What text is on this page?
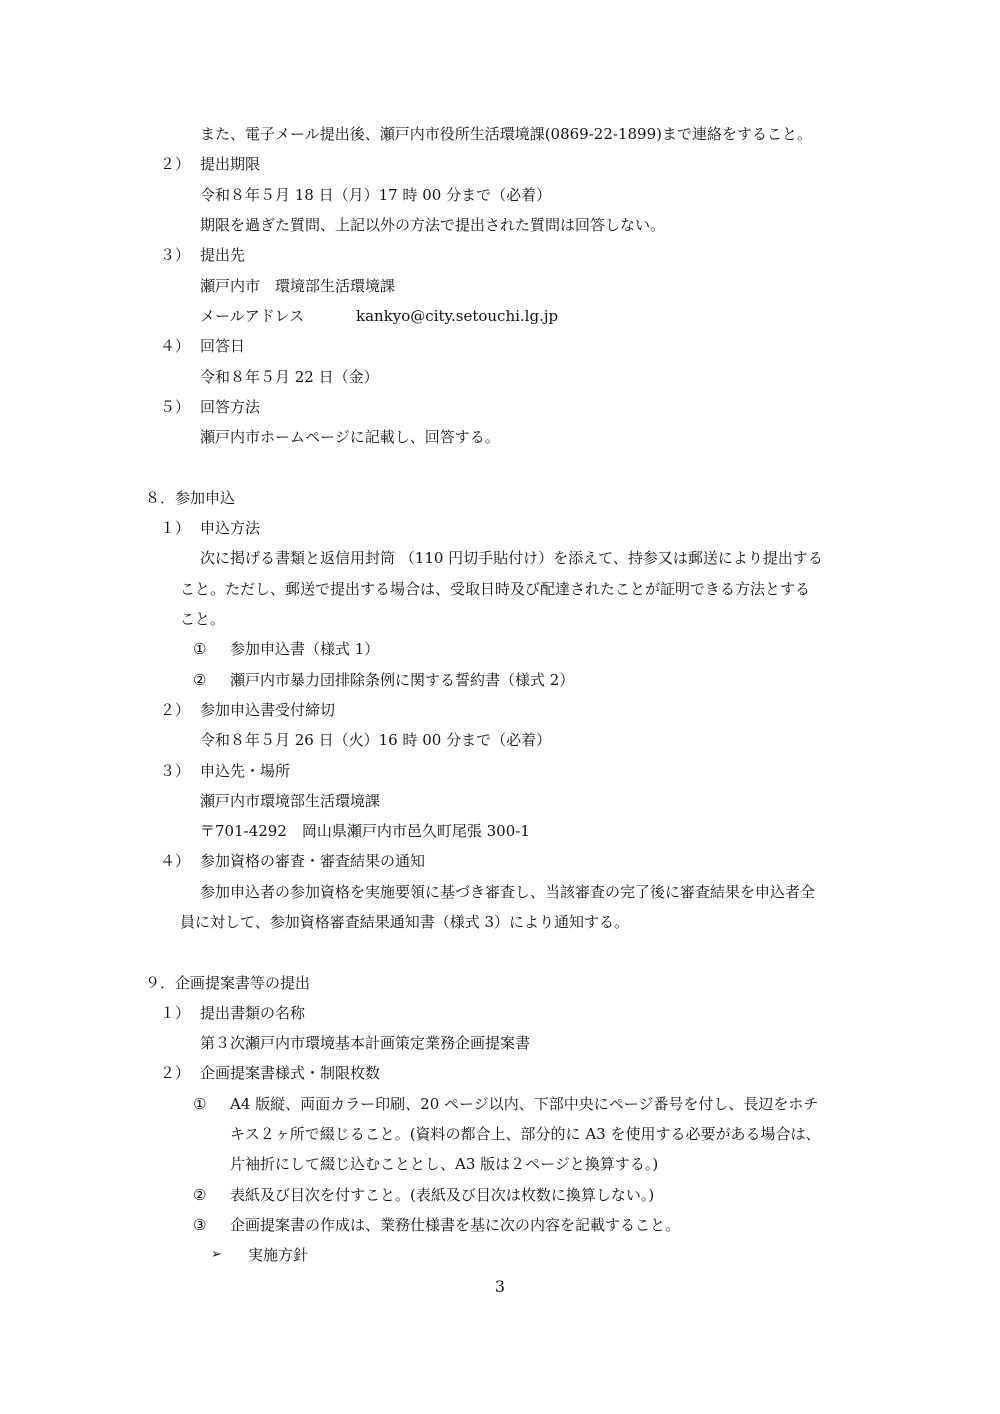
また、電子メール提出後、瀬戸内市役所生活環境課(0869-22-1899)まで連絡をすること。
２） 提出期限
令和８年５月 18 日（月）17 時 00 分まで（必着）
期限を過ぎた質問、上記以外の方法で提出された質問は回答しない。
３） 提出先
瀬戸内市　環境部生活環境課
メールアドレス	kankyo@city.setouchi.lg.jp
４） 回答日
令和８年５月 22 日（金）
５） 回答方法
瀬戸内市ホームページに記載し、回答する。
８．参加申込
１） 申込方法
次に掲げる書類と返信用封筒 （110 円切手貼付け）を添えて、持参又は郵送により提出する
こと。ただし、郵送で提出する場合は、受取日時及び配達されたことが証明できる方法とする
こと。
① 参加申込書（様式 1）
② 瀬戸内市暴力団排除条例に関する誓約書（様式 2）
２） 参加申込書受付締切
令和８年５月 26 日（火）16 時 00 分まで（必着）
３） 申込先・場所
瀬戸内市環境部生活環境課
〒701-4292　岡山県瀬戸内市邑久町尾張 300-1
４） 参加資格の審査・審査結果の通知
参加申込者の参加資格を実施要領に基づき審査し、当該審査の完了後に審査結果を申込者全
員に対して、参加資格審査結果通知書（様式 3）により通知する。
９．企画提案書等の提出
１） 提出書類の名称
第３次瀬戸内市環境基本計画策定業務企画提案書
２） 企画提案書様式・制限枚数
① A4 版縦、両面カラー印刷、20 ページ以内、下部中央にページ番号を付し、長辺をホチ
キス２ヶ所で綴じること。(資料の都合上、部分的に A3 を使用する必要がある場合は、
片袖折にして綴じ込むこととし、A3 版は２ページと換算する。)
② 表紙及び目次を付すこと。(表紙及び目次は枚数に換算しない。)
③ 企画提案書の作成は、業務仕様書を基に次の内容を記載すること。
➢ 実施方針
3
